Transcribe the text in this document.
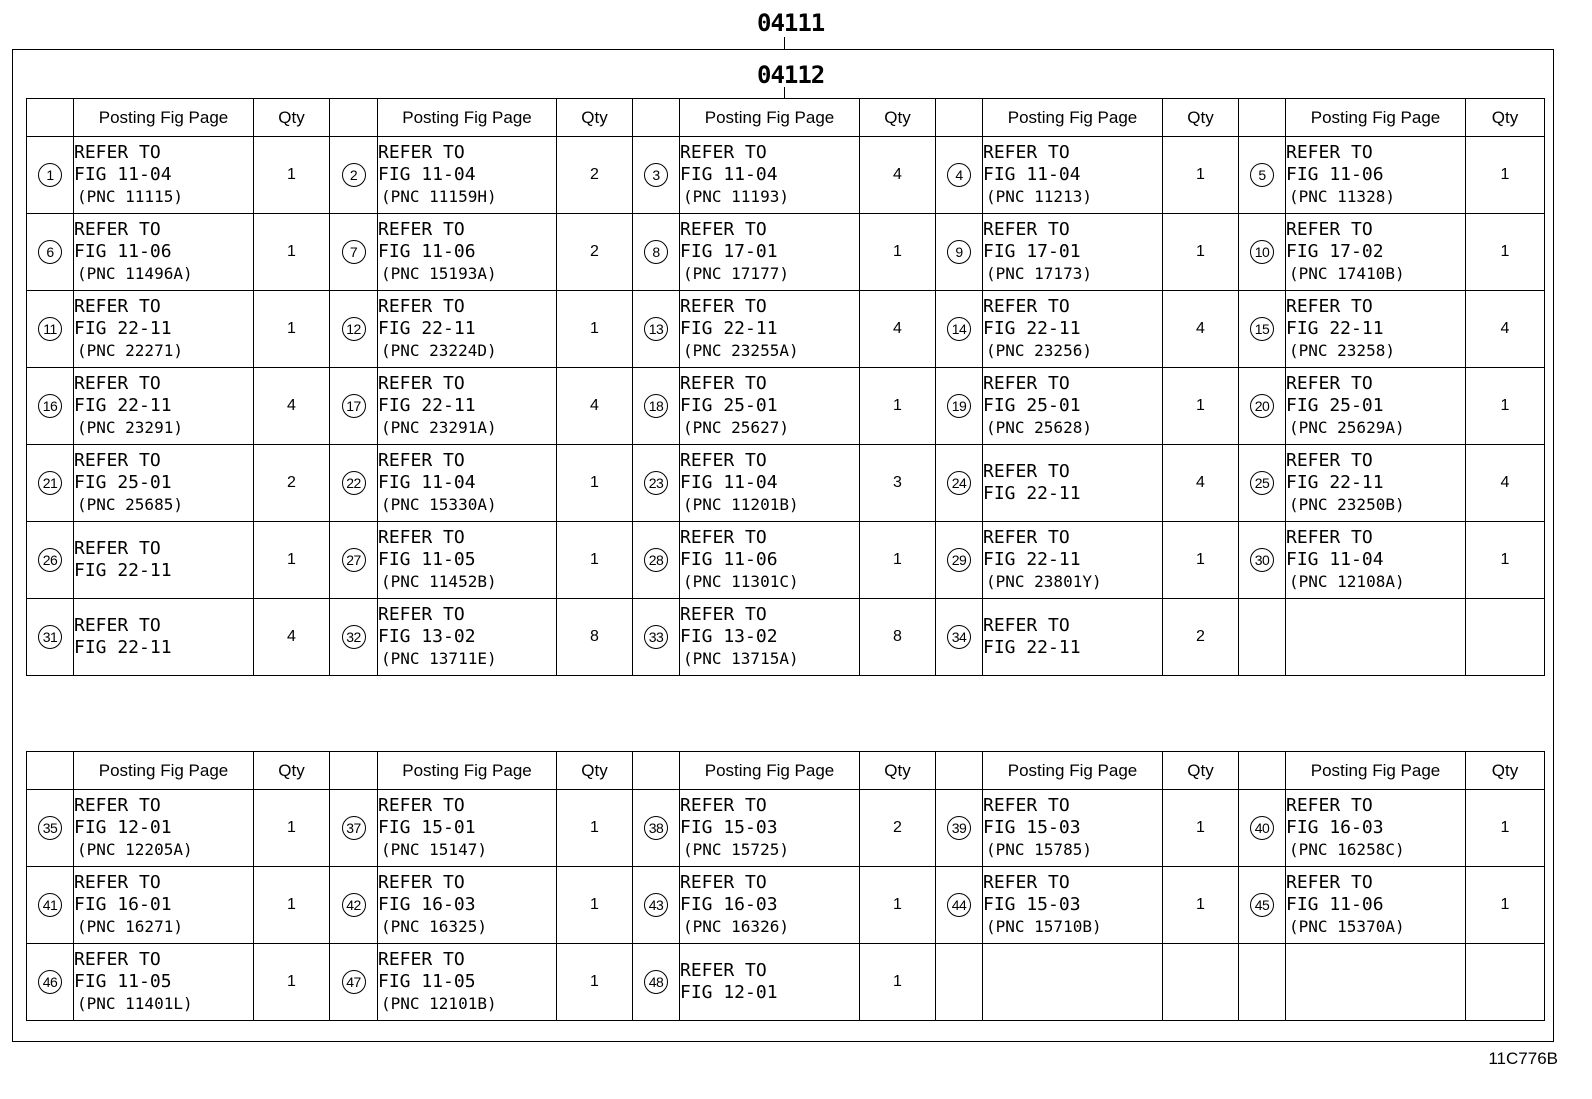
04111
04112
	Posting Fig Page	Qty		Posting Fig Page	Qty		Posting Fig Page	Qty		Posting Fig Page	Qty		Posting Fig Page	Qty
1	REFER TO
FIG 11-04
(PNC 11115)	1	2	REFER TO
FIG 11-04
(PNC 11159H)	2	3	REFER TO
FIG 11-04
(PNC 11193)	4	4	REFER TO
FIG 11-04
(PNC 11213)	1	5	REFER TO
FIG 11-06
(PNC 11328)	1
6	REFER TO
FIG 11-06
(PNC 11496A)	1	7	REFER TO
FIG 11-06
(PNC 15193A)	2	8	REFER TO
FIG 17-01
(PNC 17177)	1	9	REFER TO
FIG 17-01
(PNC 17173)	1	10	REFER TO
FIG 17-02
(PNC 17410B)	1
11	REFER TO
FIG 22-11
(PNC 22271)	1	12	REFER TO
FIG 22-11
(PNC 23224D)	1	13	REFER TO
FIG 22-11
(PNC 23255A)	4	14	REFER TO
FIG 22-11
(PNC 23256)	4	15	REFER TO
FIG 22-11
(PNC 23258)	4
16	REFER TO
FIG 22-11
(PNC 23291)	4	17	REFER TO
FIG 22-11
(PNC 23291A)	4	18	REFER TO
FIG 25-01
(PNC 25627)	1	19	REFER TO
FIG 25-01
(PNC 25628)	1	20	REFER TO
FIG 25-01
(PNC 25629A)	1
21	REFER TO
FIG 25-01
(PNC 25685)	2	22	REFER TO
FIG 11-04
(PNC 15330A)	1	23	REFER TO
FIG 11-04
(PNC 11201B)	3	24	REFER TO
FIG 22-11	4	25	REFER TO
FIG 22-11
(PNC 23250B)	4
26	REFER TO
FIG 22-11	1	27	REFER TO
FIG 11-05
(PNC 11452B)	1	28	REFER TO
FIG 11-06
(PNC 11301C)	1	29	REFER TO
FIG 22-11
(PNC 23801Y)	1	30	REFER TO
FIG 11-04
(PNC 12108A)	1
31	REFER TO
FIG 22-11	4	32	REFER TO
FIG 13-02
(PNC 13711E)	8	33	REFER TO
FIG 13-02
(PNC 13715A)	8	34	REFER TO
FIG 22-11	2			
	Posting Fig Page	Qty		Posting Fig Page	Qty		Posting Fig Page	Qty		Posting Fig Page	Qty		Posting Fig Page	Qty
35	REFER TO
FIG 12-01
(PNC 12205A)	1	37	REFER TO
FIG 15-01
(PNC 15147)	1	38	REFER TO
FIG 15-03
(PNC 15725)	2	39	REFER TO
FIG 15-03
(PNC 15785)	1	40	REFER TO
FIG 16-03
(PNC 16258C)	1
41	REFER TO
FIG 16-01
(PNC 16271)	1	42	REFER TO
FIG 16-03
(PNC 16325)	1	43	REFER TO
FIG 16-03
(PNC 16326)	1	44	REFER TO
FIG 15-03
(PNC 15710B)	1	45	REFER TO
FIG 11-06
(PNC 15370A)	1
46	REFER TO
FIG 11-05
(PNC 11401L)	1	47	REFER TO
FIG 11-05
(PNC 12101B)	1	48	REFER TO
FIG 12-01	1						
11C776B
